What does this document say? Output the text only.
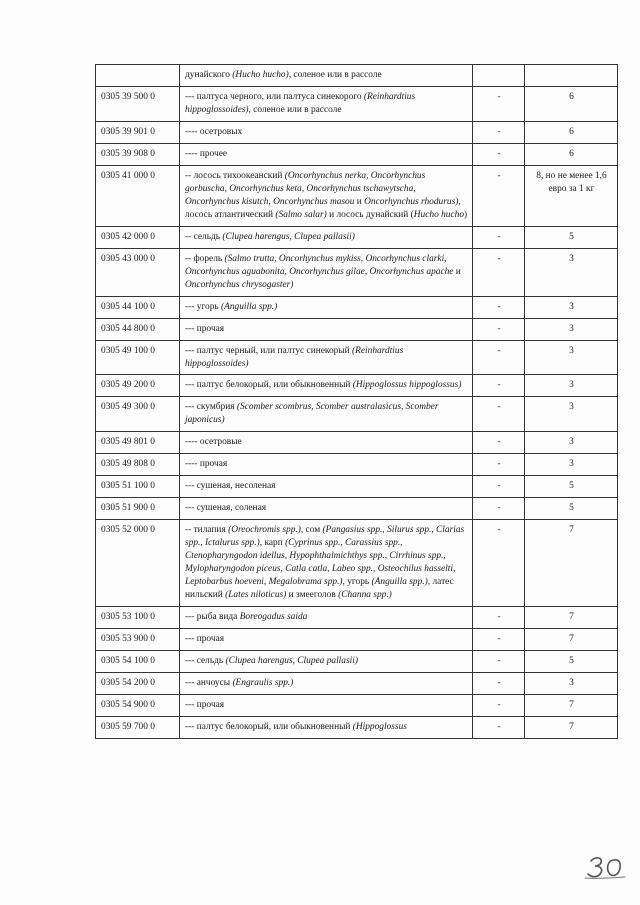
	дунайского (Hucho hucho), соленое или в рассоле		
0305 39 500 0	--- палтуса черного, или палтуса синекорого (Reinhardtius hippoglossoides), соленое или в рассоле	-	6
0305 39 901 0	---- осетровых	-	6
0305 39 908 0	---- прочее	-	6
0305 41 000 0	-- лосось тихоокеанский (Oncorhynchus nerka, Oncorhynchus gorbuscha, Oncorhynchus keta, Oncorhynchus tschawytscha, Oncorhynchus kisutch, Oncorhynchus masou и Oncorhynchus rhodurus), лосось атлантический (Salmo salar) и лосось дунайский (Hucho hucho)	-	8, но не менее 1,6 евро за 1 кг
0305 42 000 0	-- сельдь (Clupea harengus, Clupea pallasii)	-	5
0305 43 000 0	-- форель (Salmo trutta, Oncorhynchus mykiss, Oncorhynchus clarki, Oncorhynchus aguabonita, Oncorhynchus gilae, Oncorhynchus apache и Oncorhynchus chrysogaster)	-	3
0305 44 100 0	--- угорь (Anguilla spp.)	-	3
0305 44 800 0	--- прочая	-	3
0305 49 100 0	--- палтус черный, или палтус синекорый (Reinhardtius hippoglossoides)	-	3
0305 49 200 0	--- палтус белокорый, или обыкновенный (Hippoglossus hippoglossus)	-	3
0305 49 300 0	--- скумбрия (Scomber scombrus, Scomber australasicus, Scomber japonicus)	-	3
0305 49 801 0	---- осетровые	-	3
0305 49 808 0	---- прочая	-	3
0305 51 100 0	--- сушеная, несоленая	-	5
0305 51 900 0	--- сушеная, соленая	-	5
0305 52 000 0	-- тилапия (Oreochromis spp.), сом (Pangasius spp., Silurus spp., Clarias spp., Ictalurus spp.), карп (Cyprinus spp., Carassius spp., Ctenopharyngodon idellus, Hypophthalmichthys spp., Cirrhinus spp., Mylopharyngodon piceus, Catla catla, Labeo spp., Osteochilus hasselti, Leptobarbus hoeveni, Megalobrama spp.), угорь (Anguilla spp.), латес нильский (Lates niloticus) и змееголов (Channa spp.)	-	7
0305 53 100 0	--- рыба вида Boreogadus saida	-	7
0305 53 900 0	--- прочая	-	7
0305 54 100 0	--- сельдь (Clupea harengus, Clupea pallasii)	-	5
0305 54 200 0	--- анчоусы (Engraulis spp.)	-	3
0305 54 900 0	--- прочая	-	7
0305 59 700 0	--- палтус белокорый, или обыкновенный (Hippoglossus	-	7
